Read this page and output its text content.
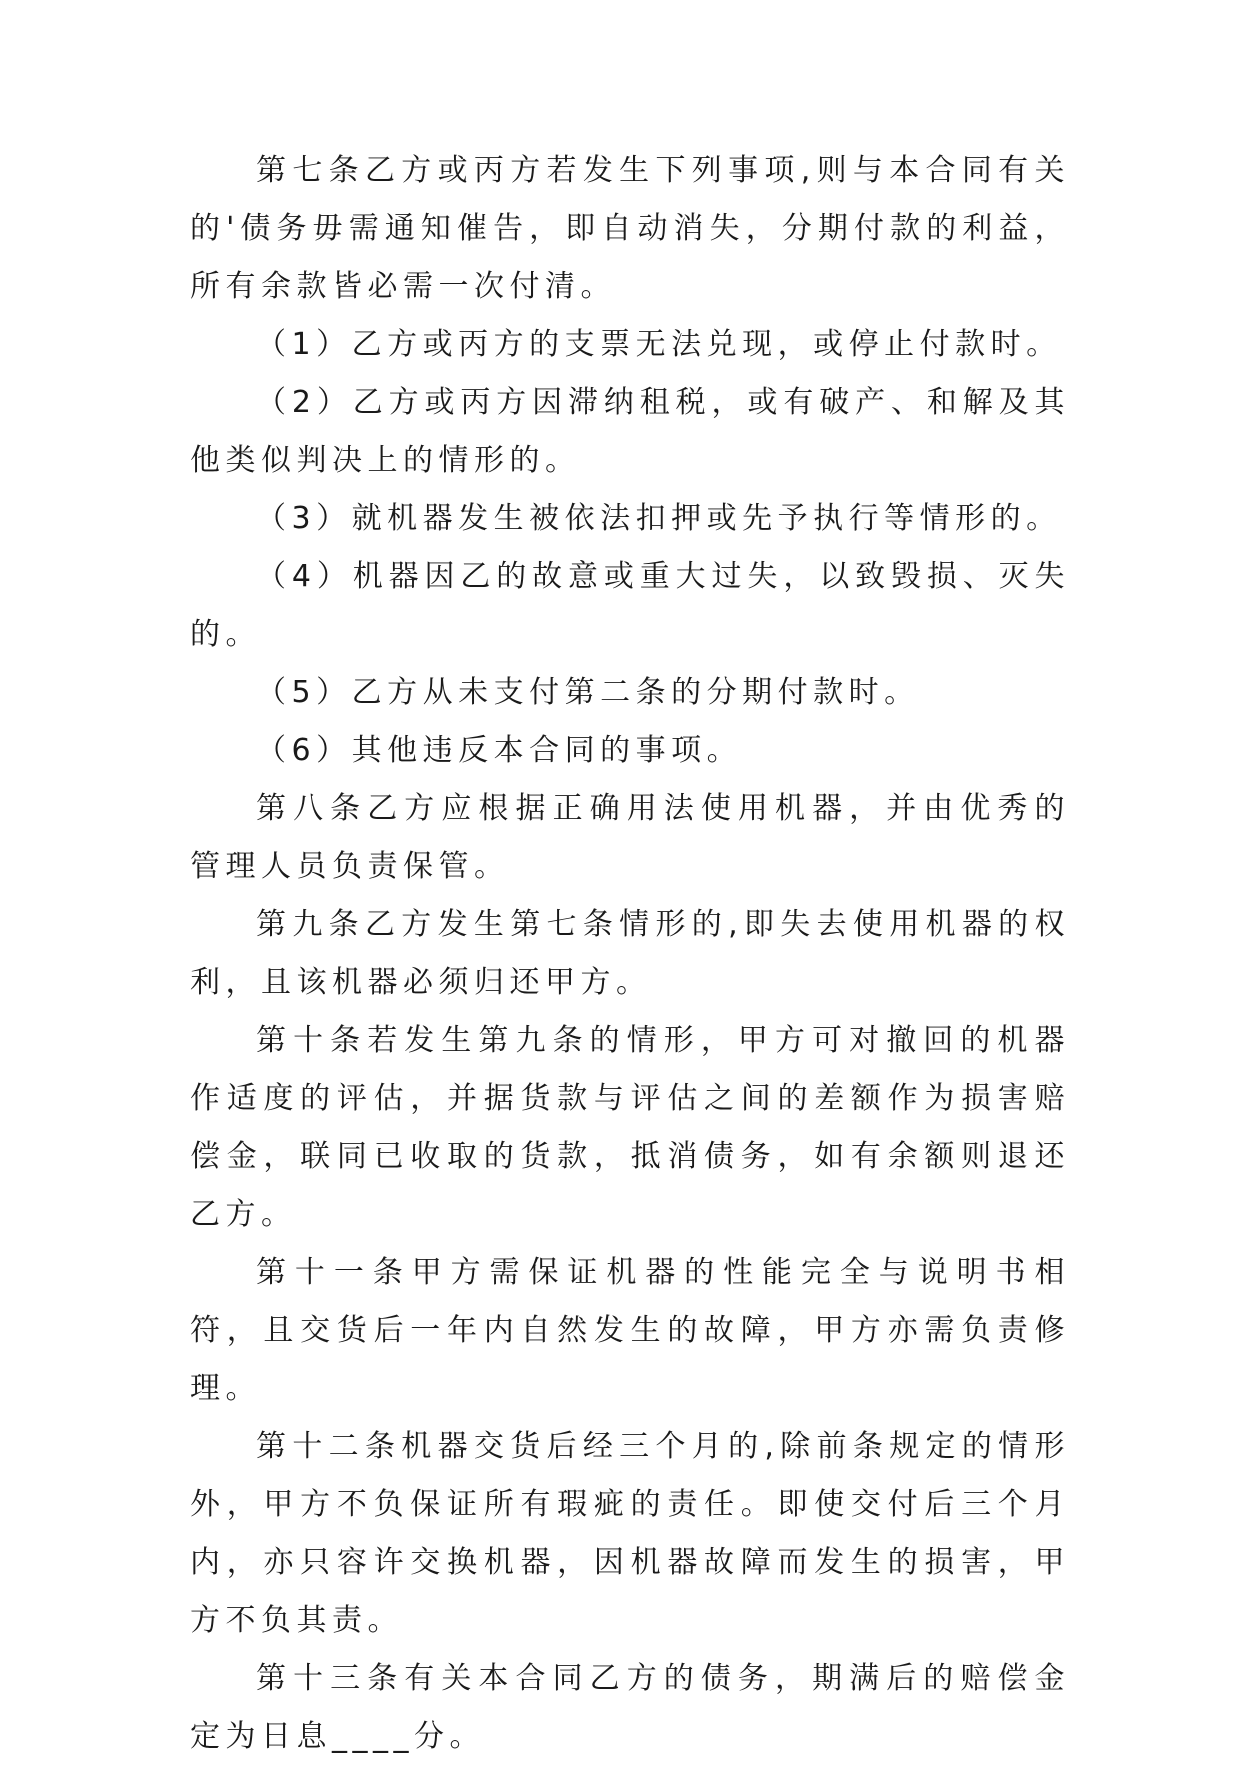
第七条乙方或丙方若发生下列事项,则与本合同有关的'债务毋需通知催告，即自动消失，分期付款的利益，所有余款皆必需一次付清。

（1）乙方或丙方的支票无法兑现，或停止付款时。

（2）乙方或丙方因滞纳租税，或有破产、和解及其他类似判决上的情形的。

（3）就机器发生被依法扣押或先予执行等情形的。

（4）机器因乙的故意或重大过失，以致毁损、灭失的。

（5）乙方从未支付第二条的分期付款时。

（6）其他违反本合同的事项。

第八条乙方应根据正确用法使用机器，并由优秀的管理人员负责保管。

第九条乙方发生第七条情形的,即失去使用机器的权利，且该机器必须归还甲方。

第十条若发生第九条的情形，甲方可对撤回的机器作适度的评估，并据货款与评估之间的差额作为损害赔偿金，联同已收取的货款，抵消债务，如有余额则退还乙方。

第十一条甲方需保证机器的性能完全与说明书相符，且交货后一年内自然发生的故障，甲方亦需负责修理。

第十二条机器交货后经三个月的,除前条规定的情形外，甲方不负保证所有瑕疵的责任。即使交付后三个月内，亦只容许交换机器，因机器故障而发生的损害，甲方不负其责。

第十三条有关本合同乙方的债务，期满后的赔偿金定为日息____分。
